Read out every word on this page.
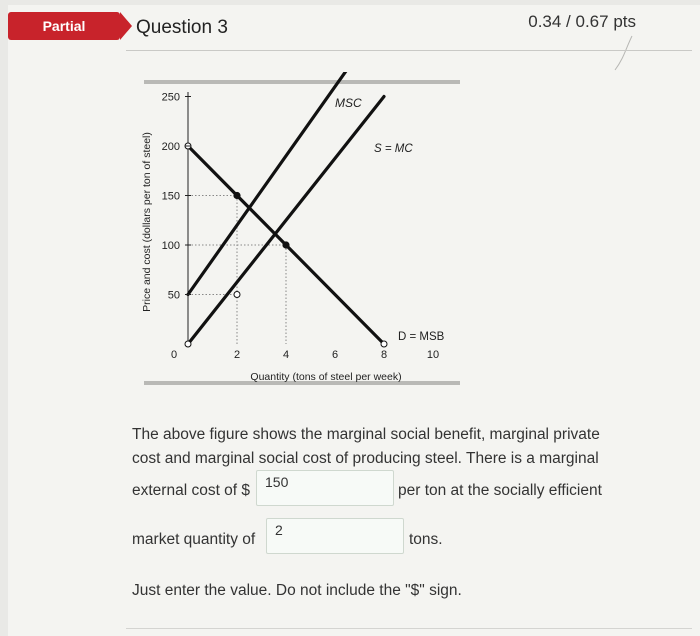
Partial	Question 3	0.34 / 0.67 pts
Price and cost (dollars per ton of steel)
Quantity (tons of steel per week)
MSC
S = MC
D = MSB
50
100
150
200
250
0	2	4	6	8	10

The above figure shows the marginal social benefit, marginal private

cost and marginal social cost of producing steel. There is a marginal

external cost of $	150	per ton at the socially efficient
market quantity of
2
tons.
Just enter the value. Do not include the "$" sign.
